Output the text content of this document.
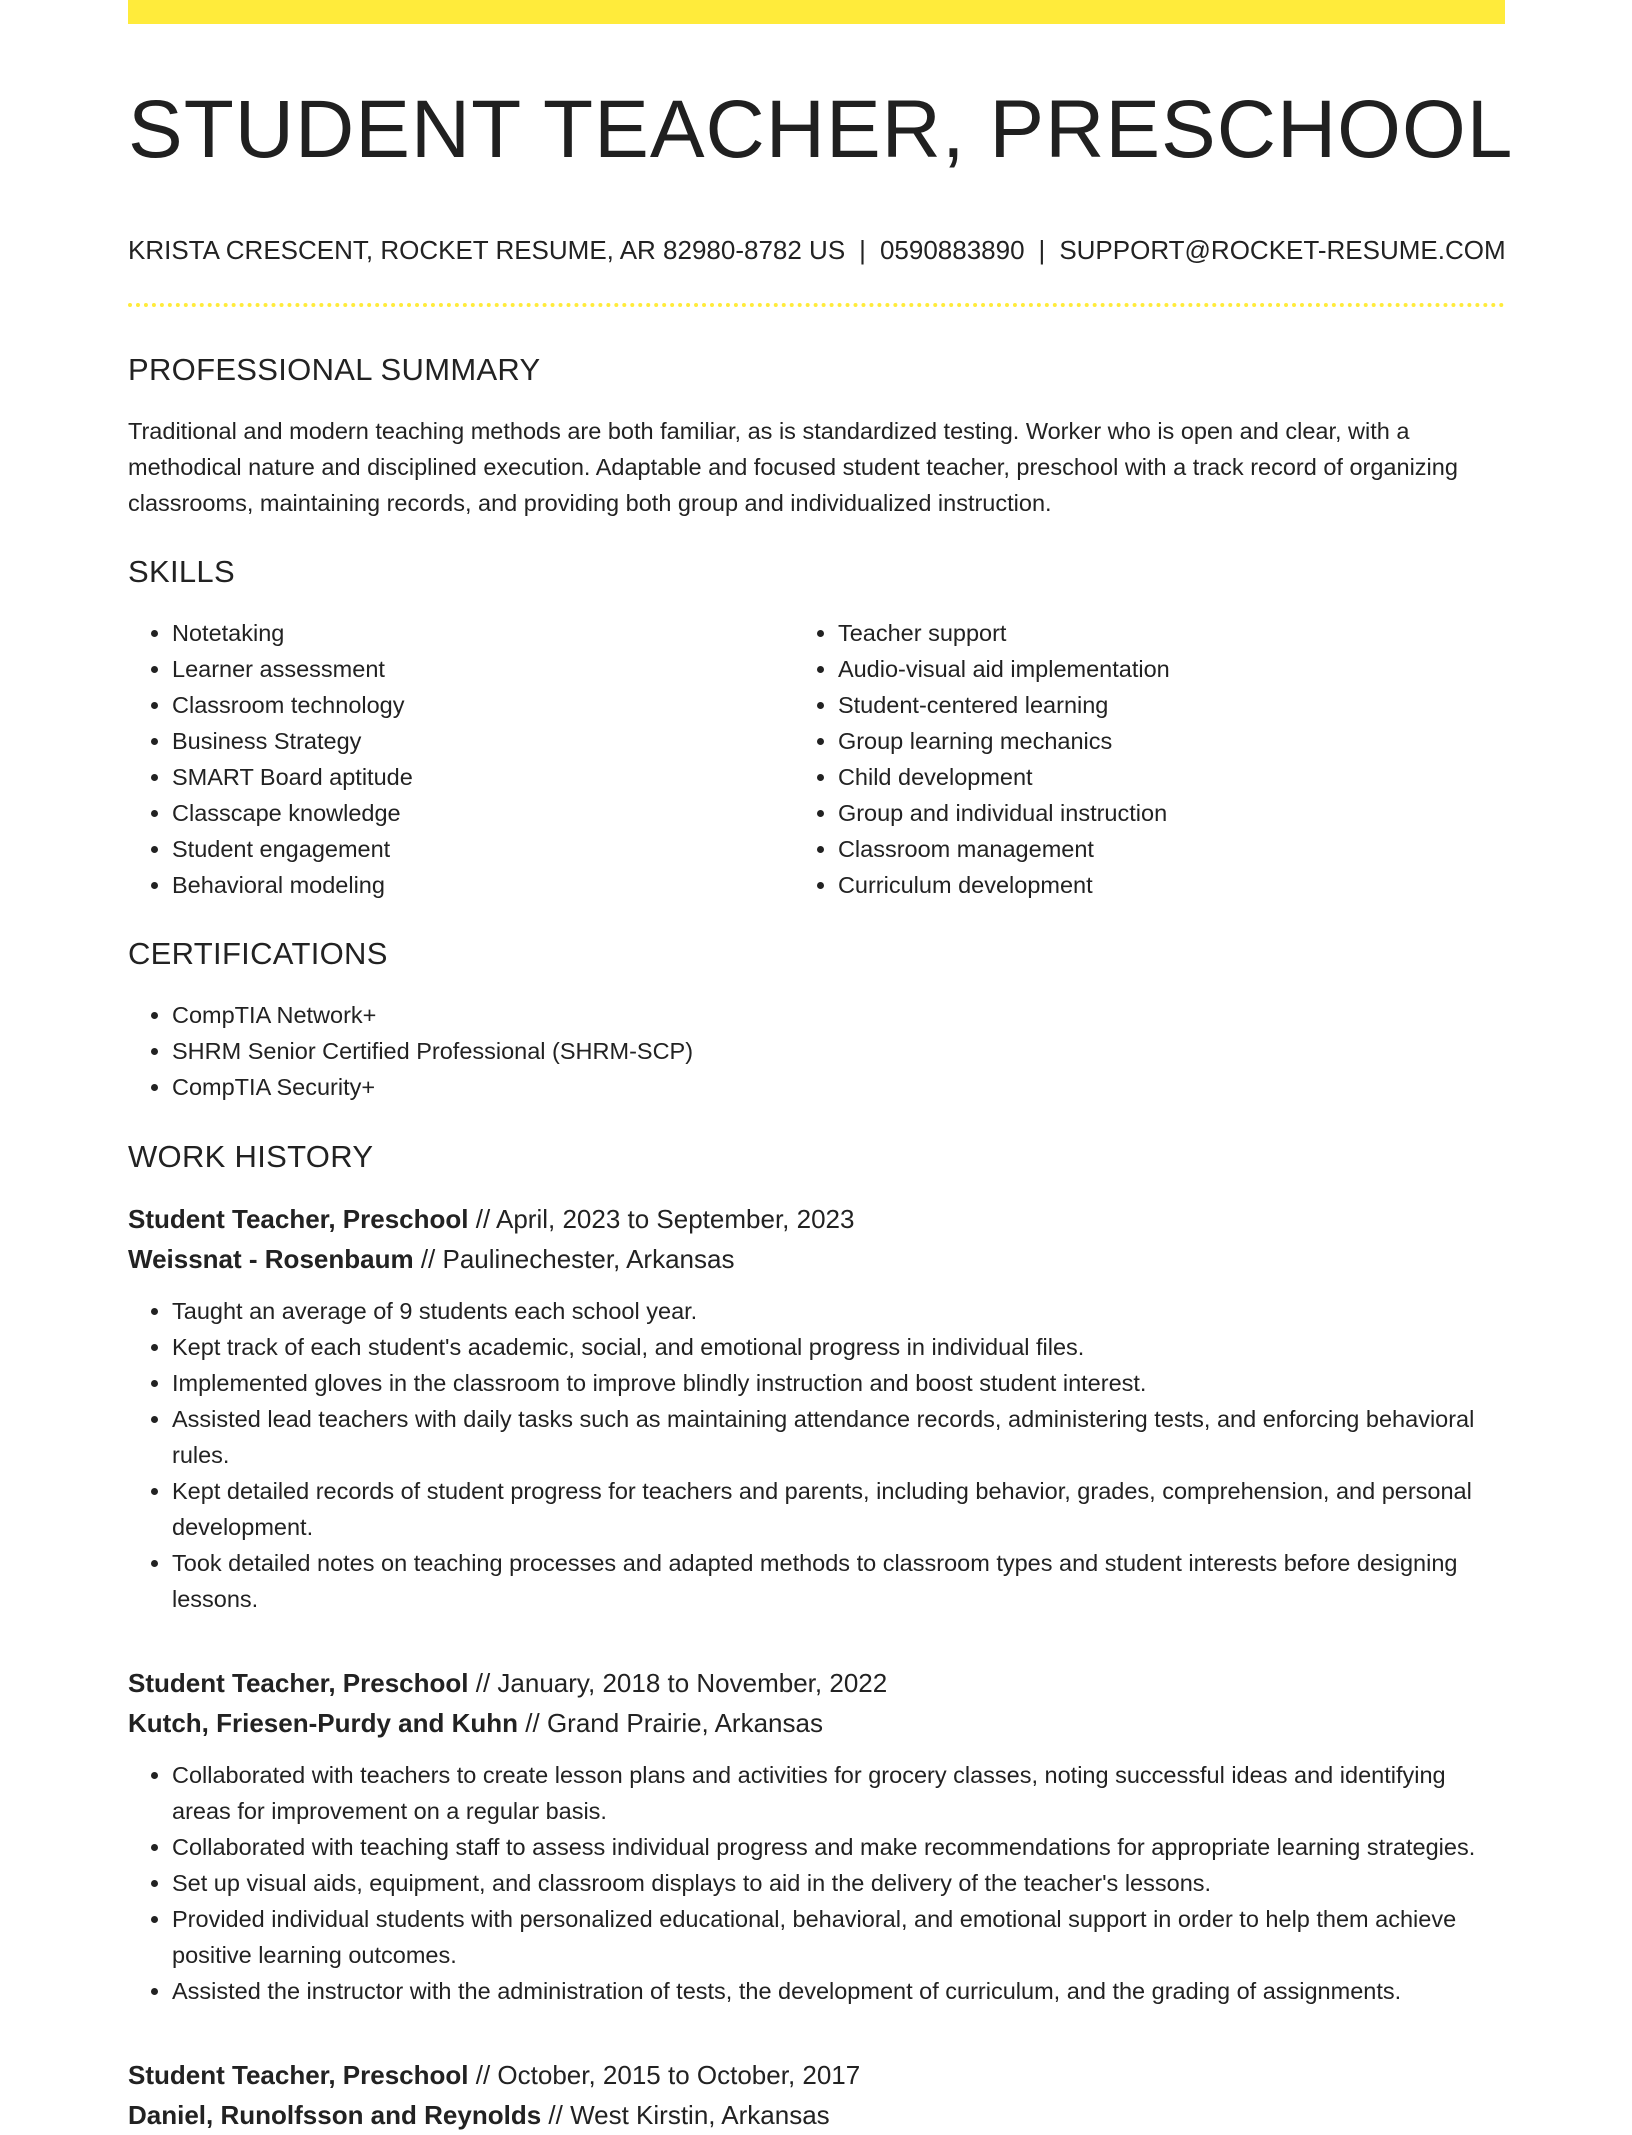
STUDENT TEACHER, PRESCHOOL
KRISTA CRESCENT, ROCKET RESUME, AR 82980-8782 US | 0590883890 | SUPPORT@ROCKET-RESUME.COM
PROFESSIONAL SUMMARY

Traditional and modern teaching methods are both familiar, as is standardized testing. Worker who is open and clear, with a methodical nature and disciplined execution. Adaptable and focused student teacher, preschool with a track record of organizing classrooms, maintaining records, and providing both group and individualized instruction.

SKILLS
• Notetaking
• Learner assessment
• Classroom technology
• Business Strategy
• SMART Board aptitude
• Classcape knowledge
• Student engagement
• Behavioral modeling
• Teacher support
• Audio-visual aid implementation
• Student-centered learning
• Group learning mechanics
• Child development
• Group and individual instruction
• Classroom management
• Curriculum development
CERTIFICATIONS
• CompTIA Network+
• SHRM Senior Certified Professional (SHRM-SCP)
• CompTIA Security+
WORK HISTORY
Student Teacher, Preschool // April, 2023 to September, 2023
Weissnat - Rosenbaum // Paulinechester, Arkansas
• Taught an average of 9 students each school year.
• Kept track of each student's academic, social, and emotional progress in individual files.
• Implemented gloves in the classroom to improve blindly instruction and boost student interest.
• Assisted lead teachers with daily tasks such as maintaining attendance records, administering tests, and enforcing behavioral rules.
• Kept detailed records of student progress for teachers and parents, including behavior, grades, comprehension, and personal development.
• Took detailed notes on teaching processes and adapted methods to classroom types and student interests before designing lessons.
Student Teacher, Preschool // January, 2018 to November, 2022
Kutch, Friesen-Purdy and Kuhn // Grand Prairie, Arkansas
• Collaborated with teachers to create lesson plans and activities for grocery classes, noting successful ideas and identifying areas for improvement on a regular basis.
• Collaborated with teaching staff to assess individual progress and make recommendations for appropriate learning strategies.
• Set up visual aids, equipment, and classroom displays to aid in the delivery of the teacher's lessons.
• Provided individual students with personalized educational, behavioral, and emotional support in order to help them achieve positive learning outcomes.
• Assisted the instructor with the administration of tests, the development of curriculum, and the grading of assignments.
Student Teacher, Preschool // October, 2015 to October, 2017
Daniel, Runolfsson and Reynolds // West Kirstin, Arkansas
